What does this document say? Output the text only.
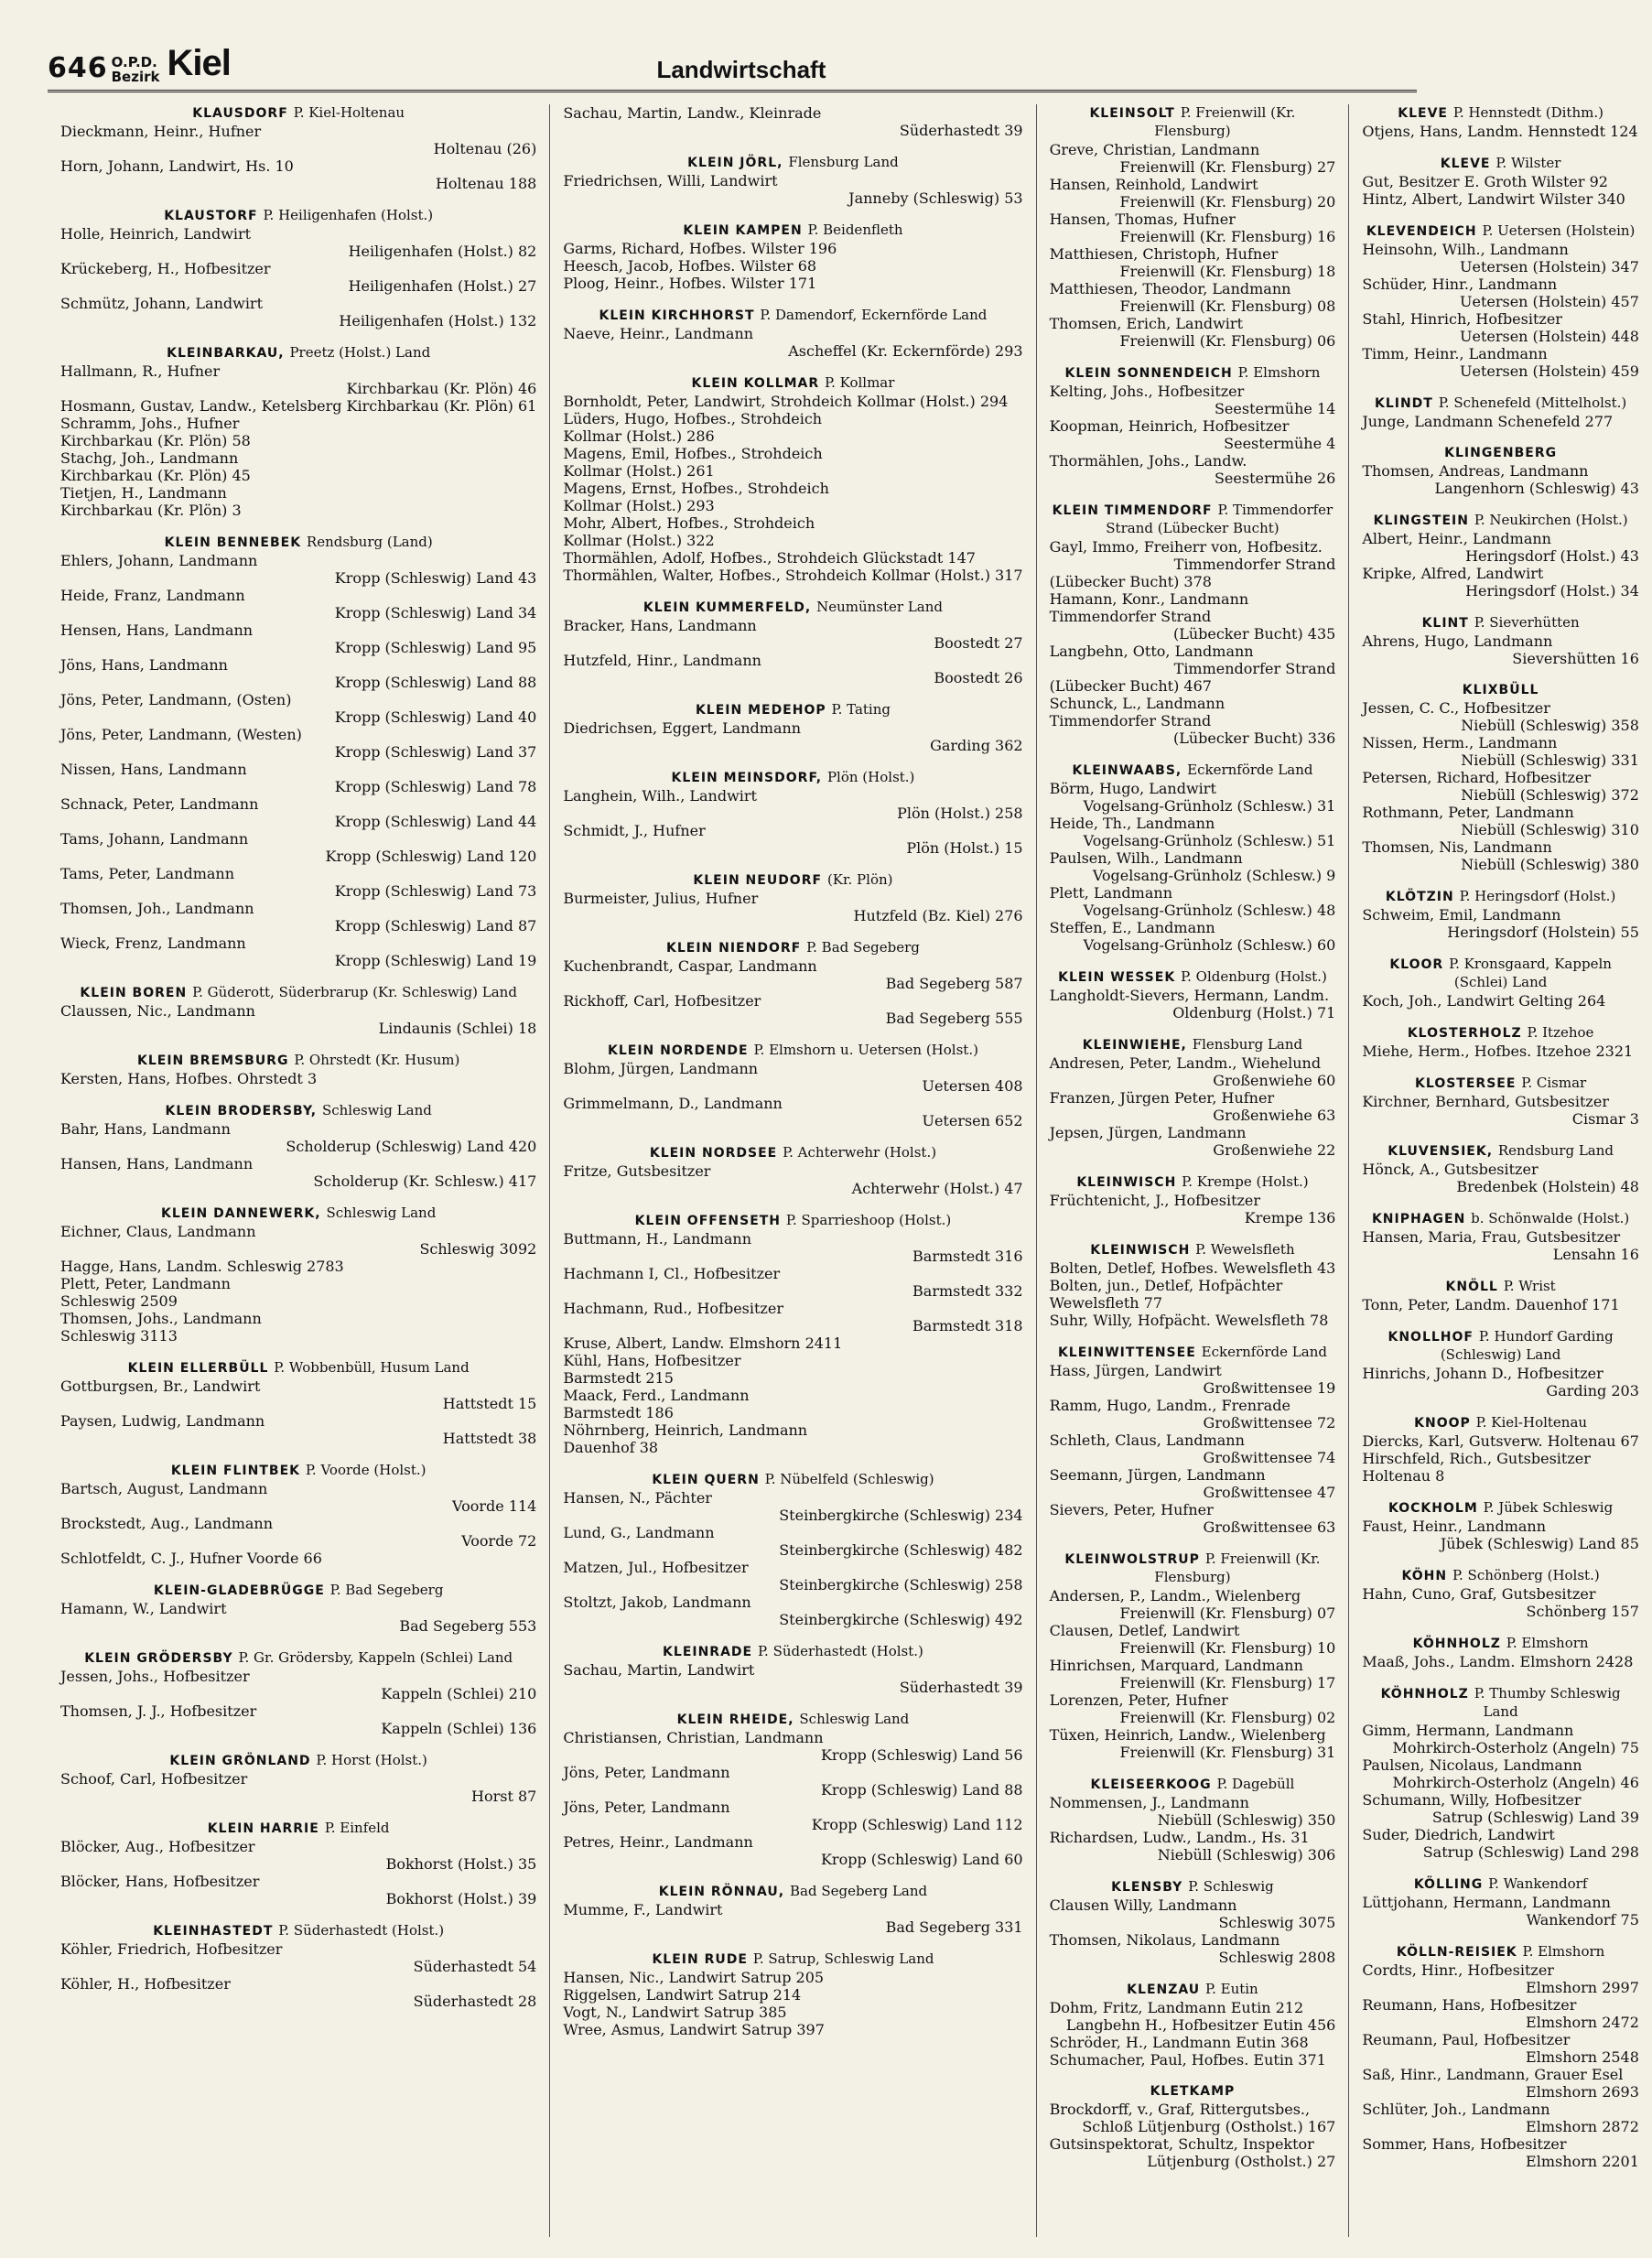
646 O.P.D.
Bezirk Kiel	Landwirtschaft
KLAUSDORF P. Kiel-Holtenau
Dieckmann, Heinr., Hufner
Holtenau (26)
Horn, Johann, Landwirt, Hs. 10
Holtenau 188
KLAUSTORF P. Heiligenhafen (Holst.)
Holle, Heinrich, Landwirt
Heiligenhafen (Holst.) 82
Krückeberg, H., Hofbesitzer
Heiligenhafen (Holst.) 27
Schmütz, Johann, Landwirt
Heiligenhafen (Holst.) 132
KLEINBARKAU, Preetz (Holst.) Land
Hallmann, R., Hufner
Kirchbarkau (Kr. Plön) 46
Hosmann, Gustav, Landw., Ketelsberg Kirchbarkau (Kr. Plön) 61
Schramm, Johs., Hufner
Kirchbarkau (Kr. Plön) 58
Stachg, Joh., Landmann
Kirchbarkau (Kr. Plön) 45
Tietjen, H., Landmann
Kirchbarkau (Kr. Plön) 3
KLEIN BENNEBEK Rendsburg (Land)
Ehlers, Johann, Landmann
Kropp (Schleswig) Land 43
Heide, Franz, Landmann
Kropp (Schleswig) Land 34
Hensen, Hans, Landmann
Kropp (Schleswig) Land 95
Jöns, Hans, Landmann
Kropp (Schleswig) Land 88
Jöns, Peter, Landmann, (Osten)
Kropp (Schleswig) Land 40
Jöns, Peter, Landmann, (Westen)
Kropp (Schleswig) Land 37
Nissen, Hans, Landmann
Kropp (Schleswig) Land 78
Schnack, Peter, Landmann
Kropp (Schleswig) Land 44
Tams, Johann, Landmann
Kropp (Schleswig) Land 120
Tams, Peter, Landmann
Kropp (Schleswig) Land 73
Thomsen, Joh., Landmann
Kropp (Schleswig) Land 87
Wieck, Frenz, Landmann
Kropp (Schleswig) Land 19
KLEIN BOREN P. Güderott, Süderbrarup (Kr. Schleswig) Land
Claussen, Nic., Landmann
Lindaunis (Schlei) 18
KLEIN BREMSBURG P. Ohrstedt (Kr. Husum)
Kersten, Hans, Hofbes. Ohrstedt 3
KLEIN BRODERSBY, Schleswig Land
Bahr, Hans, Landmann
Scholderup (Schleswig) Land 420
Hansen, Hans, Landmann
Scholderup (Kr. Schlesw.) 417
KLEIN DANNEWERK, Schleswig Land
Eichner, Claus, Landmann
Schleswig 3092
Hagge, Hans, Landm. Schleswig 2783
Plett, Peter, Landmann
Schleswig 2509
Thomsen, Johs., Landmann
Schleswig 3113
KLEIN ELLERBÜLL P. Wobbenbüll, Husum Land
Gottburgsen, Br., Landwirt
Hattstedt 15
Paysen, Ludwig, Landmann
Hattstedt 38
KLEIN FLINTBEK P. Voorde (Holst.)
Bartsch, August, Landmann
Voorde 114
Brockstedt, Aug., Landmann
Voorde 72
Schlotfeldt, C. J., Hufner Voorde 66
KLEIN-GLADEBRÜGGE P. Bad Segeberg
Hamann, W., Landwirt
Bad Segeberg 553
KLEIN GRÖDERSBY P. Gr. Grödersby, Kappeln (Schlei) Land
Jessen, Johs., Hofbesitzer
Kappeln (Schlei) 210
Thomsen, J. J., Hofbesitzer
Kappeln (Schlei) 136
KLEIN GRÖNLAND P. Horst (Holst.)
Schoof, Carl, Hofbesitzer
Horst 87
KLEIN HARRIE P. Einfeld
Blöcker, Aug., Hofbesitzer
Bokhorst (Holst.) 35
Blöcker, Hans, Hofbesitzer
Bokhorst (Holst.) 39
KLEINHASTEDT P. Süderhastedt (Holst.)
Köhler, Friedrich, Hofbesitzer
Süderhastedt 54
Köhler, H., Hofbesitzer
Süderhastedt 28
Sachau, Martin, Landw., Kleinrade
Süderhastedt 39
KLEIN JÖRL, Flensburg Land
Friedrichsen, Willi, Landwirt
Janneby (Schleswig) 53
KLEIN KAMPEN P. Beidenfleth
Garms, Richard, Hofbes. Wilster 196
Heesch, Jacob, Hofbes. Wilster 68
Ploog, Heinr., Hofbes. Wilster 171
KLEIN KIRCHHORST P. Damendorf, Eckernförde Land
Naeve, Heinr., Landmann
Ascheffel (Kr. Eckernförde) 293
KLEIN KOLLMAR P. Kollmar
Bornholdt, Peter, Landwirt, Strohdeich Kollmar (Holst.) 294
Lüders, Hugo, Hofbes., Strohdeich
Kollmar (Holst.) 286
Magens, Emil, Hofbes., Strohdeich
Kollmar (Holst.) 261
Magens, Ernst, Hofbes., Strohdeich
Kollmar (Holst.) 293
Mohr, Albert, Hofbes., Strohdeich
Kollmar (Holst.) 322
Thormählen, Adolf, Hofbes., Strohdeich Glückstadt 147
Thormählen, Walter, Hofbes., Strohdeich Kollmar (Holst.) 317
KLEIN KUMMERFELD, Neumünster Land
Bracker, Hans, Landmann
Boostedt 27
Hutzfeld, Hinr., Landmann
Boostedt 26
KLEIN MEDEHOP P. Tating
Diedrichsen, Eggert, Landmann
Garding 362
KLEIN MEINSDORF, Plön (Holst.)
Langhein, Wilh., Landwirt
Plön (Holst.) 258
Schmidt, J., Hufner
Plön (Holst.) 15
KLEIN NEUDORF (Kr. Plön)
Burmeister, Julius, Hufner
Hutzfeld (Bz. Kiel) 276
KLEIN NIENDORF P. Bad Segeberg
Kuchenbrandt, Caspar, Landmann
Bad Segeberg 587
Rickhoff, Carl, Hofbesitzer
Bad Segeberg 555
KLEIN NORDENDE P. Elmshorn u. Uetersen (Holst.)
Blohm, Jürgen, Landmann
Uetersen 408
Grimmelmann, D., Landmann
Uetersen 652
KLEIN NORDSEE P. Achterwehr (Holst.)
Fritze, Gutsbesitzer
Achterwehr (Holst.) 47
KLEIN OFFENSETH P. Sparrieshoop (Holst.)
Buttmann, H., Landmann
Barmstedt 316
Hachmann I, Cl., Hofbesitzer
Barmstedt 332
Hachmann, Rud., Hofbesitzer
Barmstedt 318
Kruse, Albert, Landw. Elmshorn 2411
Kühl, Hans, Hofbesitzer
Barmstedt 215
Maack, Ferd., Landmann
Barmstedt 186
Nöhrnberg, Heinrich, Landmann
Dauenhof 38
KLEIN QUERN P. Nübelfeld (Schleswig)
Hansen, N., Pächter
Steinbergkirche (Schleswig) 234
Lund, G., Landmann
Steinbergkirche (Schleswig) 482
Matzen, Jul., Hofbesitzer
Steinbergkirche (Schleswig) 258
Stoltzt, Jakob, Landmann
Steinbergkirche (Schleswig) 492
KLEINRADE P. Süderhastedt (Holst.)
Sachau, Martin, Landwirt
Süderhastedt 39
KLEIN RHEIDE, Schleswig Land
Christiansen, Christian, Landmann
Kropp (Schleswig) Land 56
Jöns, Peter, Landmann
Kropp (Schleswig) Land 88
Jöns, Peter, Landmann
Kropp (Schleswig) Land 112
Petres, Heinr., Landmann
Kropp (Schleswig) Land 60
KLEIN RÖNNAU, Bad Segeberg Land
Mumme, F., Landwirt
Bad Segeberg 331
KLEIN RUDE P. Satrup, Schleswig Land
Hansen, Nic., Landwirt Satrup 205
Riggelsen, Landwirt Satrup 214
Vogt, N., Landwirt Satrup 385
Wree, Asmus, Landwirt Satrup 397
KLEINSOLT P. Freienwill (Kr. Flensburg)
Greve, Christian, Landmann
Freienwill (Kr. Flensburg) 27
Hansen, Reinhold, Landwirt
Freienwill (Kr. Flensburg) 20
Hansen, Thomas, Hufner
Freienwill (Kr. Flensburg) 16
Matthiesen, Christoph, Hufner
Freienwill (Kr. Flensburg) 18
Matthiesen, Theodor, Landmann
Freienwill (Kr. Flensburg) 08
Thomsen, Erich, Landwirt
Freienwill (Kr. Flensburg) 06
KLEIN SONNENDEICH P. Elmshorn
Kelting, Johs., Hofbesitzer
Seestermühe 14
Koopman, Heinrich, Hofbesitzer
Seestermühe 4
Thormählen, Johs., Landw.
Seestermühe 26
KLEIN TIMMENDORF P. Timmendorfer Strand (Lübecker Bucht)
Gayl, Immo, Freiherr von, Hofbesitz.
Timmendorfer Strand
(Lübecker Bucht) 378
Hamann, Konr., Landmann
Timmendorfer Strand
(Lübecker Bucht) 435
Langbehn, Otto, Landmann
Timmendorfer Strand
(Lübecker Bucht) 467
Schunck, L., Landmann
Timmendorfer Strand
(Lübecker Bucht) 336
KLEINWAABS, Eckernförde Land
Börm, Hugo, Landwirt
Vogelsang-Grünholz (Schlesw.) 31
Heide, Th., Landmann
Vogelsang-Grünholz (Schlesw.) 51
Paulsen, Wilh., Landmann
Vogelsang-Grünholz (Schlesw.) 9
Plett, Landmann
Vogelsang-Grünholz (Schlesw.) 48
Steffen, E., Landmann
Vogelsang-Grünholz (Schlesw.) 60
KLEIN WESSEK P. Oldenburg (Holst.)
Langholdt-Sievers, Hermann, Landm.
Oldenburg (Holst.) 71
KLEINWIEHE, Flensburg Land
Andresen, Peter, Landm., Wiehelund
Großenwiehe 60
Franzen, Jürgen Peter, Hufner
Großenwiehe 63
Jepsen, Jürgen, Landmann
Großenwiehe 22
KLEINWISCH P. Krempe (Holst.)
Früchtenicht, J., Hofbesitzer
Krempe 136
KLEINWISCH P. Wewelsfleth
Bolten, Detlef, Hofbes. Wewelsfleth 43
Bolten, jun., Detlef, Hofpächter
Wewelsfleth 77
Suhr, Willy, Hofpächt. Wewelsfleth 78
KLEINWITTENSEE Eckernförde Land
Hass, Jürgen, Landwirt
Großwittensee 19
Ramm, Hugo, Landm., Frenrade
Großwittensee 72
Schleth, Claus, Landmann
Großwittensee 74
Seemann, Jürgen, Landmann
Großwittensee 47
Sievers, Peter, Hufner
Großwittensee 63
KLEINWOLSTRUP P. Freienwill (Kr. Flensburg)
Andersen, P., Landm., Wielenberg
Freienwill (Kr. Flensburg) 07
Clausen, Detlef, Landwirt
Freienwill (Kr. Flensburg) 10
Hinrichsen, Marquard, Landmann
Freienwill (Kr. Flensburg) 17
Lorenzen, Peter, Hufner
Freienwill (Kr. Flensburg) 02
Tüxen, Heinrich, Landw., Wielenberg
Freienwill (Kr. Flensburg) 31
KLEISEERKOOG P. Dagebüll
Nommensen, J., Landmann
Niebüll (Schleswig) 350
Richardsen, Ludw., Landm., Hs. 31
Niebüll (Schleswig) 306
KLENSBY P. Schleswig
Clausen Willy, Landmann
Schleswig 3075
Thomsen, Nikolaus, Landmann
Schleswig 2808
KLENZAU P. Eutin
Dohm, Fritz, Landmann Eutin 212
Langbehn H., Hofbesitzer Eutin 456
Schröder, H., Landmann Eutin 368
Schumacher, Paul, Hofbes. Eutin 371
KLETKAMP
Brockdorff, v., Graf, Rittergutsbes.,
Schloß Lütjenburg (Ostholst.) 167
Gutsinspektorat, Schultz, Inspektor
Lütjenburg (Ostholst.) 27
KLEVE P. Hennstedt (Dithm.)
Otjens, Hans, Landm. Hennstedt 124
KLEVE P. Wilster
Gut, Besitzer E. Groth Wilster 92
Hintz, Albert, Landwirt Wilster 340
KLEVENDEICH P. Uetersen (Holstein)
Heinsohn, Wilh., Landmann
Uetersen (Holstein) 347
Schüder, Hinr., Landmann
Uetersen (Holstein) 457
Stahl, Hinrich, Hofbesitzer
Uetersen (Holstein) 448
Timm, Heinr., Landmann
Uetersen (Holstein) 459
KLINDT P. Schenefeld (Mittelholst.)
Junge, Landmann Schenefeld 277
KLINGENBERG
Thomsen, Andreas, Landmann
Langenhorn (Schleswig) 43
KLINGSTEIN P. Neukirchen (Holst.)
Albert, Heinr., Landmann
Heringsdorf (Holst.) 43
Kripke, Alfred, Landwirt
Heringsdorf (Holst.) 34
KLINT P. Sieverhütten
Ahrens, Hugo, Landmann
Sievershütten 16
KLIXBÜLL
Jessen, C. C., Hofbesitzer
Niebüll (Schleswig) 358
Nissen, Herm., Landmann
Niebüll (Schleswig) 331
Petersen, Richard, Hofbesitzer
Niebüll (Schleswig) 372
Rothmann, Peter, Landmann
Niebüll (Schleswig) 310
Thomsen, Nis, Landmann
Niebüll (Schleswig) 380
KLÖTZIN P. Heringsdorf (Holst.)
Schweim, Emil, Landmann
Heringsdorf (Holstein) 55
KLOOR P. Kronsgaard, Kappeln (Schlei) Land
Koch, Joh., Landwirt Gelting 264
KLOSTERHOLZ P. Itzehoe
Miehe, Herm., Hofbes. Itzehoe 2321
KLOSTERSEE P. Cismar
Kirchner, Bernhard, Gutsbesitzer
Cismar 3
KLUVENSIEK, Rendsburg Land
Hönck, A., Gutsbesitzer
Bredenbek (Holstein) 48
KNIPHAGEN b. Schönwalde (Holst.)
Hansen, Maria, Frau, Gutsbesitzer
Lensahn 16
KNÖLL P. Wrist
Tonn, Peter, Landm. Dauenhof 171
KNOLLHOF P. Hundorf Garding (Schleswig) Land
Hinrichs, Johann D., Hofbesitzer
Garding 203
KNOOP P. Kiel-Holtenau
Diercks, Karl, Gutsverw. Holtenau 67
Hirschfeld, Rich., Gutsbesitzer
Holtenau 8
KOCKHOLM P. Jübek Schleswig
Faust, Heinr., Landmann
Jübek (Schleswig) Land 85
KÖHN P. Schönberg (Holst.)
Hahn, Cuno, Graf, Gutsbesitzer
Schönberg 157
KÖHNHOLZ P. Elmshorn
Maaß, Johs., Landm. Elmshorn 2428
KÖHNHOLZ P. Thumby Schleswig Land
Gimm, Hermann, Landmann
Mohrkirch-Osterholz (Angeln) 75
Paulsen, Nicolaus, Landmann
Mohrkirch-Osterholz (Angeln) 46
Schumann, Willy, Hofbesitzer
Satrup (Schleswig) Land 39
Suder, Diedrich, Landwirt
Satrup (Schleswig) Land 298
KÖLLING P. Wankendorf
Lüttjohann, Hermann, Landmann
Wankendorf 75
KÖLLN-REISIEK P. Elmshorn
Cordts, Hinr., Hofbesitzer
Elmshorn 2997
Reumann, Hans, Hofbesitzer
Elmshorn 2472
Reumann, Paul, Hofbesitzer
Elmshorn 2548
Saß, Hinr., Landmann, Grauer Esel
Elmshorn 2693
Schlüter, Joh., Landmann
Elmshorn 2872
Sommer, Hans, Hofbesitzer
Elmshorn 2201
